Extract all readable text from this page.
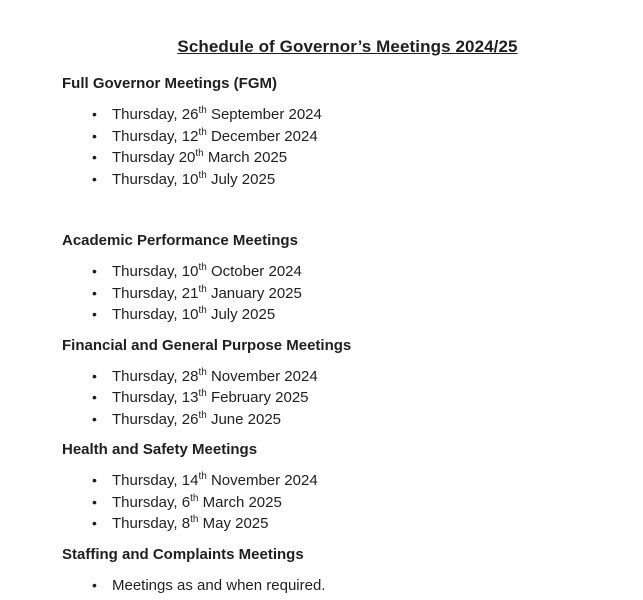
Schedule of Governor’s Meetings 2024/25
Full Governor Meetings (FGM)
•	Thursday, 26th September 2024
•	Thursday, 12th December 2024
•	Thursday 20th March 2025
•	Thursday, 10th July 2025
Academic Performance Meetings
•	Thursday, 10th October 2024
•	Thursday, 21th January 2025
•	Thursday, 10th July 2025
Financial and General Purpose Meetings
•	Thursday, 28th November 2024
•	Thursday, 13th February 2025
•	Thursday, 26th June 2025
Health and Safety Meetings
•	Thursday, 14th November 2024
•	Thursday, 6th March 2025
•	Thursday, 8th May 2025
Staffing and Complaints Meetings
•	Meetings as and when required.
